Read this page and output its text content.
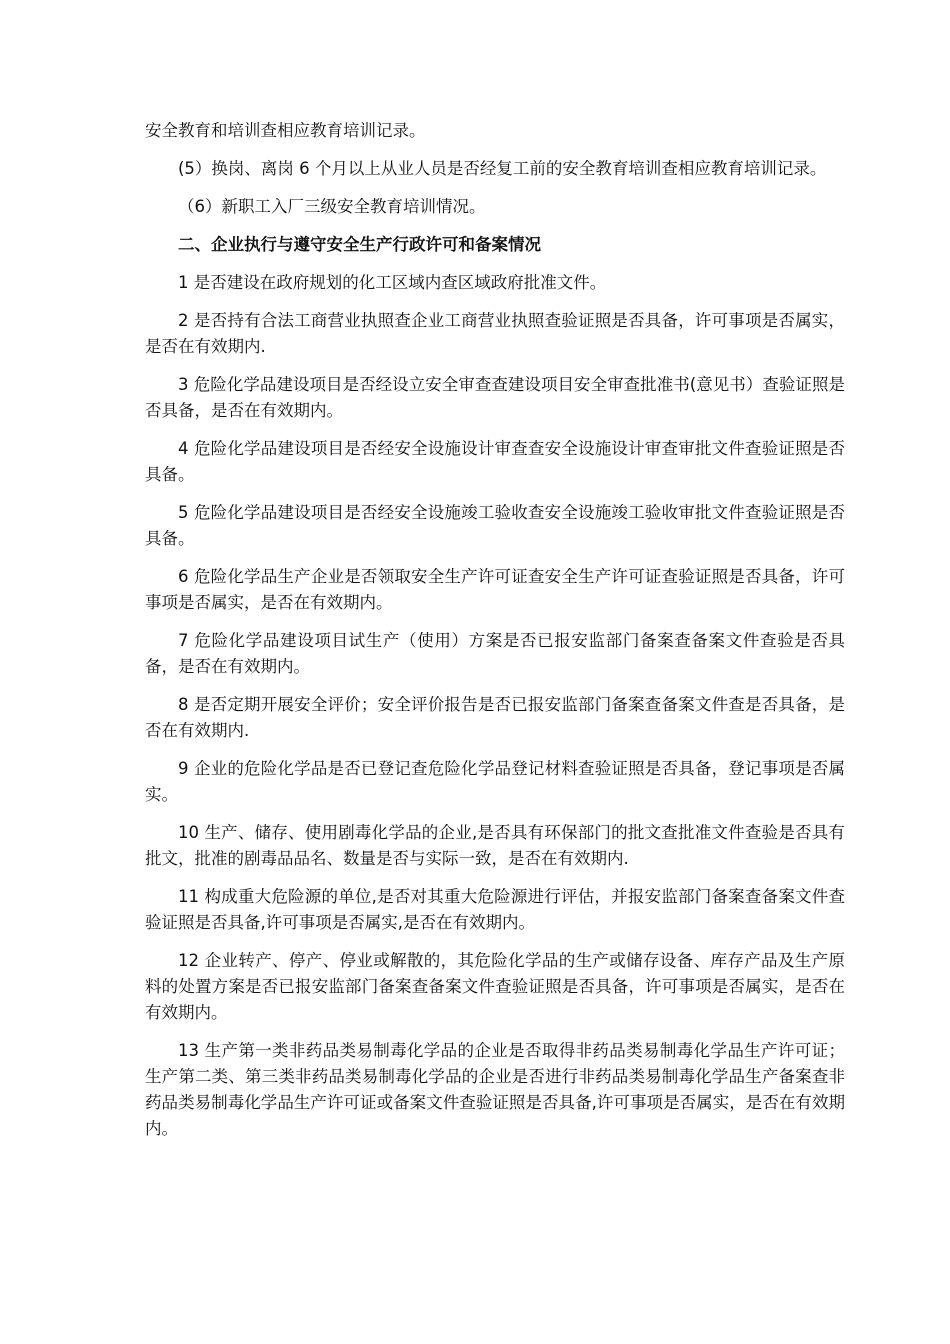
安全教育和培训查相应教育培训记录。

(5）换岗、离岗 6 个月以上从业人员是否经复工前的安全教育培训查相应教育培训记录。

（6）新职工入厂三级安全教育培训情况。

二、企业执行与遵守安全生产行政许可和备案情况

1 是否建设在政府规划的化工区域内查区域政府批准文件。

2 是否持有合法工商营业执照查企业工商营业执照查验证照是否具备，许可事项是否属实，是否在有效期内.

3 危险化学品建设项目是否经设立安全审查查建设项目安全审查批准书(意见书）查验证照是否具备，是否在有效期内。

4 危险化学品建设项目是否经安全设施设计审查查安全设施设计审查审批文件查验证照是否具备。

5 危险化学品建设项目是否经安全设施竣工验收查安全设施竣工验收审批文件查验证照是否具备。

6 危险化学品生产企业是否领取安全生产许可证查安全生产许可证查验证照是否具备，许可事项是否属实，是否在有效期内。

7 危险化学品建设项目试生产（使用）方案是否已报安监部门备案查备案文件查验是否具备，是否在有效期内。

8 是否定期开展安全评价；安全评价报告是否已报安监部门备案查备案文件查是否具备，是否在有效期内.

9 企业的危险化学品是否已登记查危险化学品登记材料查验证照是否具备，登记事项是否属实。

10 生产、储存、使用剧毒化学品的企业,是否具有环保部门的批文查批准文件查验是否具有批文，批准的剧毒品品名、数量是否与实际一致，是否在有效期内.

11 构成重大危险源的单位,是否对其重大危险源进行评估，并报安监部门备案查备案文件查验证照是否具备,许可事项是否属实,是否在有效期内。

12 企业转产、停产、停业或解散的，其危险化学品的生产或储存设备、库存产品及生产原料的处置方案是否已报安监部门备案查备案文件查验证照是否具备，许可事项是否属实，是否在有效期内。

13 生产第一类非药品类易制毒化学品的企业是否取得非药品类易制毒化学品生产许可证；生产第二类、第三类非药品类易制毒化学品的企业是否进行非药品类易制毒化学品生产备案查非药品类易制毒化学品生产许可证或备案文件查验证照是否具备,许可事项是否属实，是否在有效期内。
